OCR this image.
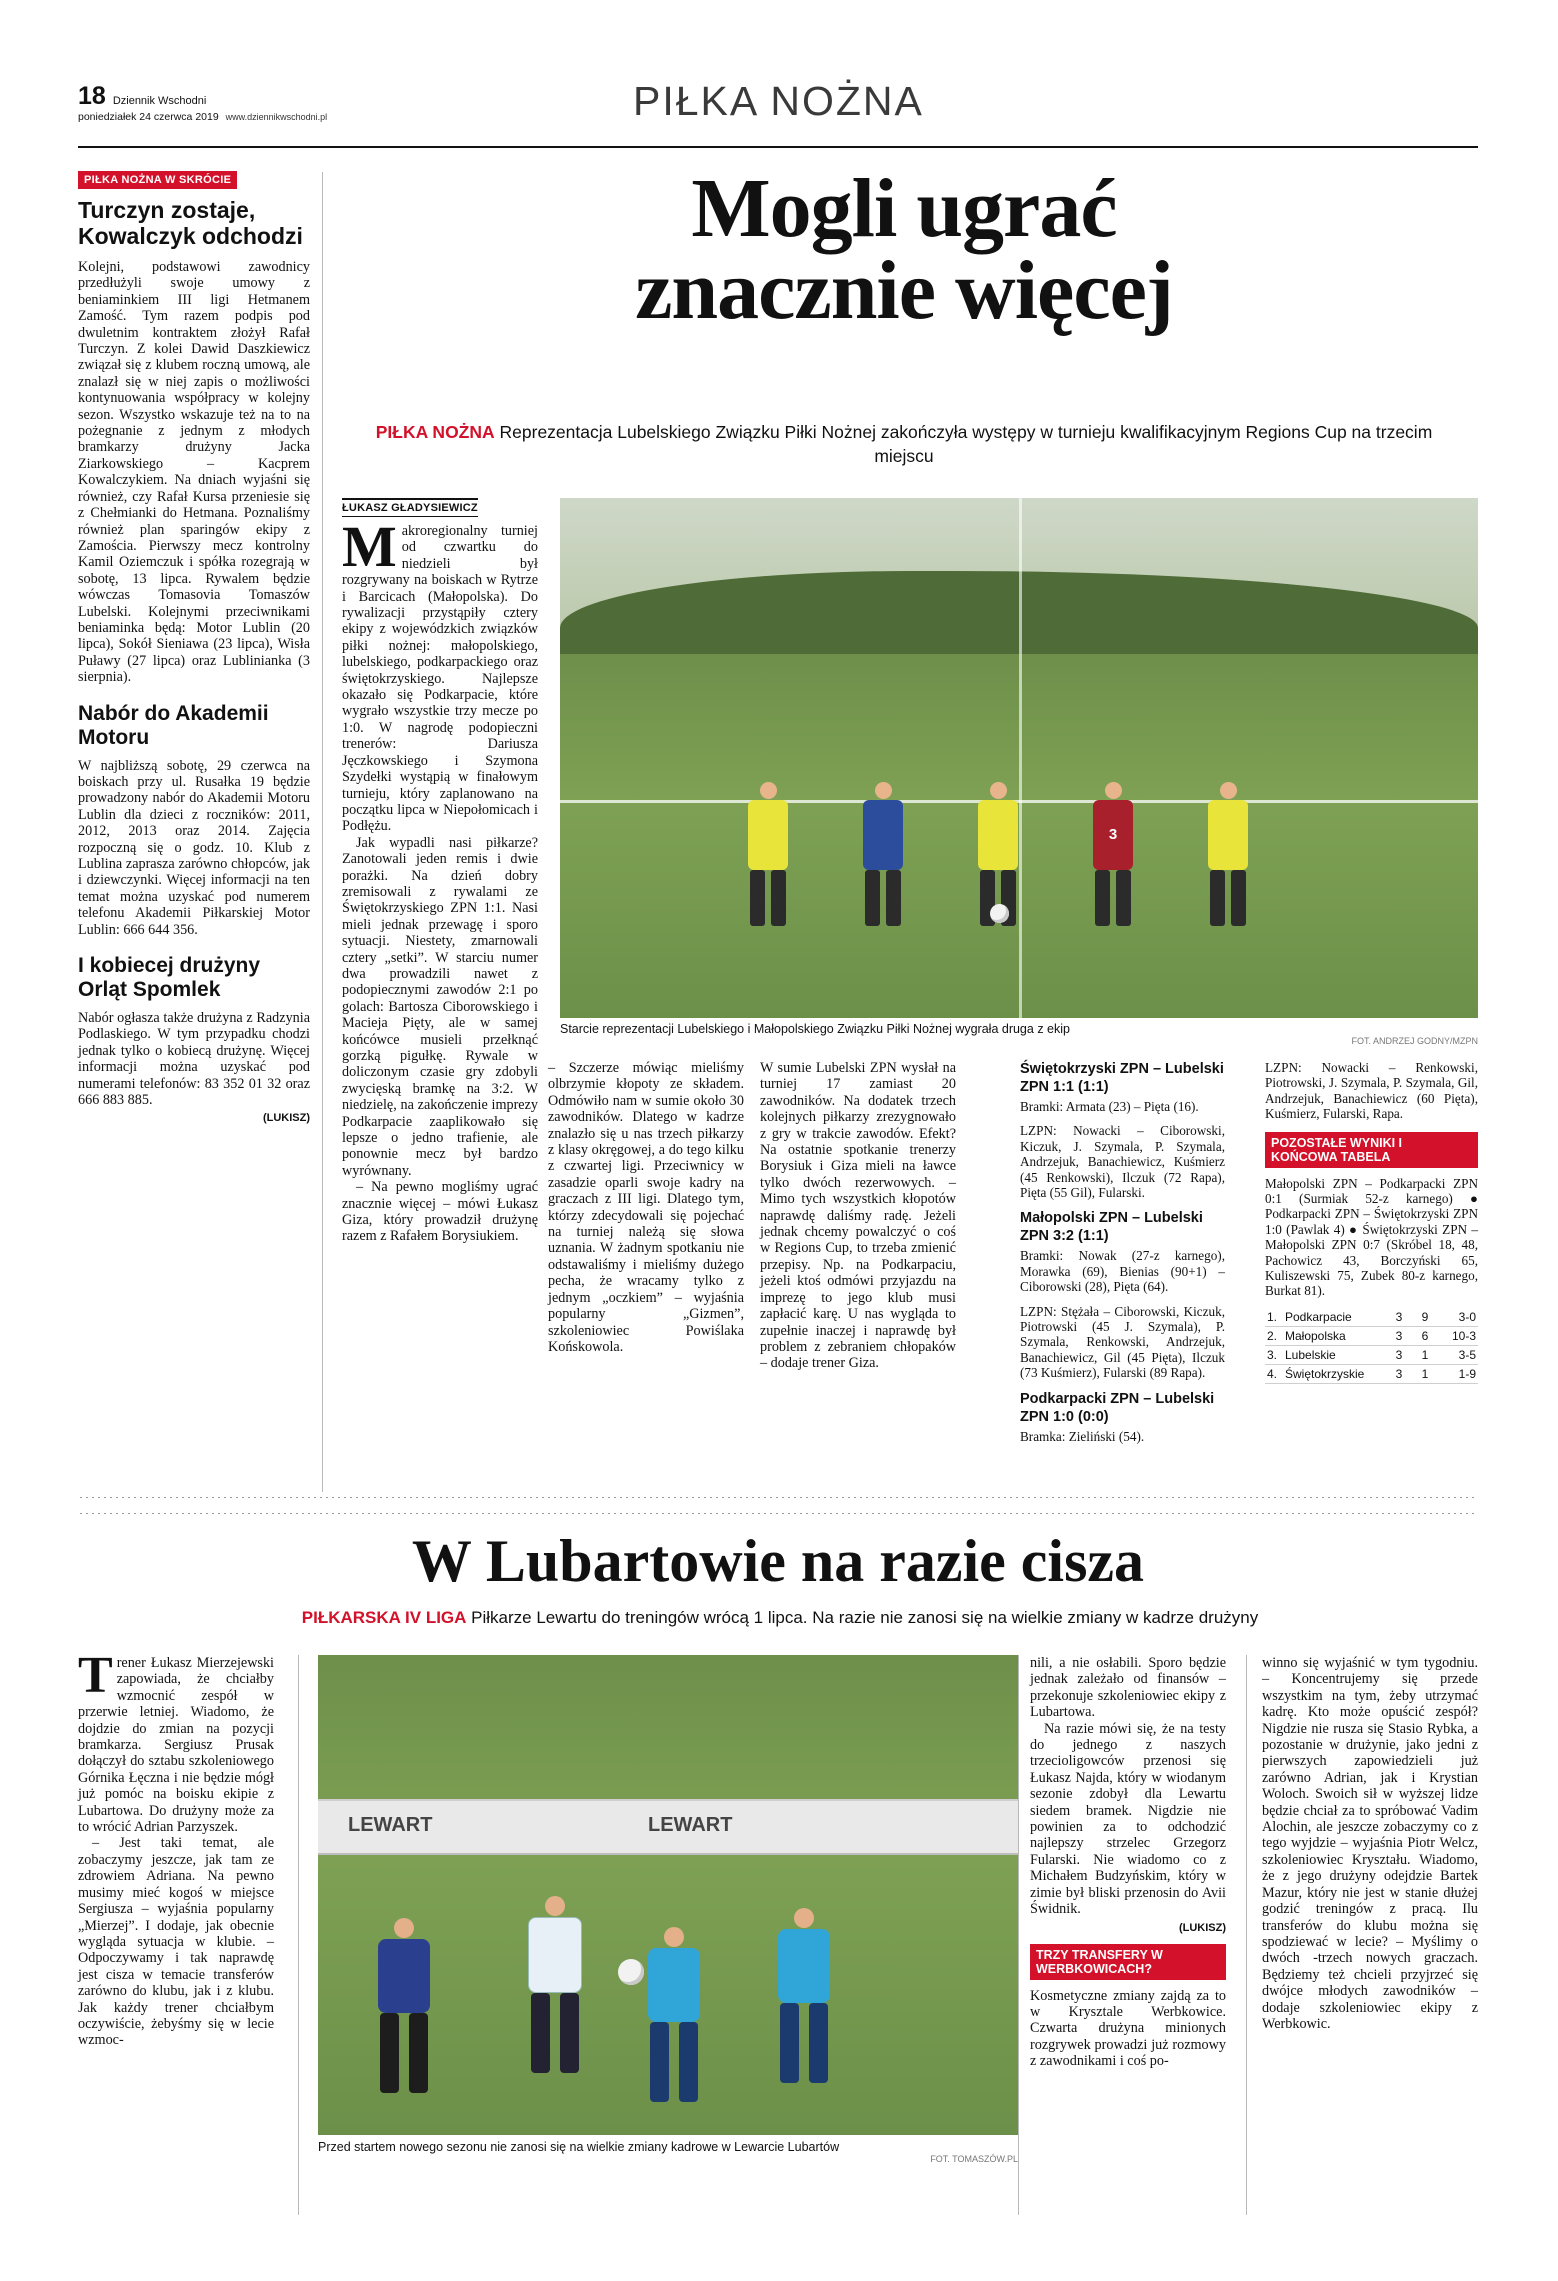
18 Dziennik Wschodni
poniedziałek 24 czerwca 2019 www.dziennikwschodni.pl	PIŁKA NOŻNA
PIŁKA NOŻNA W SKRÓCIE
Turczyn zostaje, Kowalczyk odchodzi
Kolejni, podstawowi zawodnicy przedłużyli swoje umowy z beniaminkiem III ligi Hetmanem Zamość. Tym razem podpis pod dwuletnim kontraktem złożył Rafał Turczyn. Z kolei Dawid Daszkiewicz związał się z klubem roczną umową, ale znalazł się w niej zapis o możliwości kontynuowania współpracy w kolejny sezon. Wszystko wskazuje też na to na pożegnanie z jednym z młodych bramkarzy drużyny Jacka Ziarkowskiego – Kacprem Kowalczykiem. Na dniach wyjaśni się również, czy Rafał Kursa przeniesie się z Chełmianki do Hetmana. Poznaliśmy również plan sparingów ekipy z Zamościa. Pierwszy mecz kontrolny Kamil Oziemczuk i spółka rozegrają w sobotę, 13 lipca. Rywalem będzie wówczas Tomasovia Tomaszów Lubelski. Kolejnymi przeciwnikami beniaminka będą: Motor Lublin (20 lipca), Sokół Sieniawa (23 lipca), Wisła Puławy (27 lipca) oraz Lublinianka (3 sierpnia).
Nabór do Akademii Motoru
W najbliższą sobotę, 29 czerwca na boiskach przy ul. Rusałka 19 będzie prowadzony nabór do Akademii Motoru Lublin dla dzieci z roczników: 2011, 2012, 2013 oraz 2014. Zajęcia rozpoczną się o godz. 10. Klub z Lublina zaprasza zarówno chłopców, jak i dziewczynki. Więcej informacji na ten temat można uzyskać pod numerem telefonu Akademii Piłkarskiej Motor Lublin: 666 644 356.
I kobiecej drużyny Orląt Spomlek
Nabór ogłasza także drużyna z Radzynia Podlaskiego. W tym przypadku chodzi jednak tylko o kobiecą drużynę. Więcej informacji można uzyskać pod numerami telefonów: 83 352 01 32 oraz 666 883 885.
(LUKISZ)
Mogli ugrać
znacznie więcej
PIŁKA NOŻNA Reprezentacja Lubelskiego Związku Piłki Nożnej zakończyła występy w turnieju kwalifikacyjnym Regions Cup na trzecim miejscu
3
Starcie reprezentacji Lubelskiego i Małopolskiego Związku Piłki Nożnej wygrała druga z ekip
FOT. ANDRZEJ GODNY/MZPN
ŁUKASZ GŁADYSIEWICZ
Makroregionalny turniej od czwartku do niedzieli był rozgrywany na boiskach w Rytrze i Barcicach (Małopolska). Do rywalizacji przystąpiły cztery ekipy z wojewódzkich związków piłki nożnej: małopolskiego, lubelskiego, podkarpackiego oraz świętokrzyskiego. Najlepsze okazało się Podkarpacie, które wygrało wszystkie trzy mecze po 1:0. W nagrodę podopieczni trenerów: Dariusza Jęczkowskiego i Szymona Szydełki wystąpią w finałowym turnieju, który zaplanowano na początku lipca w Niepołomicach i Podłężu.
Jak wypadli nasi piłkarze? Zanotowali jeden remis i dwie porażki. Na dzień dobry zremisowali z rywalami ze Świętokrzyskiego ZPN 1:1. Nasi mieli jednak przewagę i sporo sytuacji. Niestety, zmarnowali cztery „setki”. W starciu numer dwa prowadzili nawet z podopiecznymi zawodów 2:1 po golach: Bartosza Ciborowskiego i Macieja Pięty, ale w samej końcówce musieli przełknąć gorzką pigułkę. Rywale w doliczonym czasie gry zdobyli zwycięską bramkę na 3:2. W niedzielę, na zakończenie imprezy Podkarpacie zaaplikowało się lepsze o jedno trafienie, ale ponownie mecz był bardzo wyrównany.
– Na pewno mogliśmy ugrać znacznie więcej – mówi Łukasz Giza, który prowadził drużynę razem z Rafałem Borysiukiem.
– Szczerze mówiąc mieliśmy olbrzymie kłopoty ze składem. Odmówiło nam w sumie około 30 zawodników. Dlatego w kadrze znalazło się u nas trzech piłkarzy z klasy okręgowej, a do tego kilku z czwartej ligi. Przeciwnicy w zasadzie oparli swoje kadry na graczach z III ligi. Dlatego tym, którzy zdecydowali się pojechać na turniej należą się słowa uznania. W żadnym spotkaniu nie odstawaliśmy i mieliśmy dużego pecha, że wracamy tylko z jednym „oczkiem” – wyjaśnia popularny „Gizmen”, szkoleniowiec Powiślaka Końskowola.
W sumie Lubelski ZPN wysłał na turniej 17 zamiast 20 zawodników. Na dodatek trzech kolejnych piłkarzy zrezygnowało z gry w trakcie zawodów. Efekt? Na ostatnie spotkanie trenerzy Borysiuk i Giza mieli na ławce tylko dwóch rezerwowych. – Mimo tych wszystkich kłopotów naprawdę daliśmy radę. Jeżeli jednak chcemy powalczyć o coś w Regions Cup, to trzeba zmienić przepisy. Np. na Podkarpaciu, jeżeli ktoś odmówi przyjazdu na imprezę to jego klub musi zapłacić karę. U nas wygląda to zupełnie inaczej i naprawdę był problem z zebraniem chłopaków – dodaje trener Giza.
Świętokrzyski ZPN – Lubelski ZPN 1:1 (1:1)
Bramki: Armata (23) – Pięta (16).
LZPN: Nowacki – Ciborowski, Kiczuk, J. Szymala, P. Szymala, Andrzejuk, Banachiewicz, Kuśmierz (45 Renkowski), Ilczuk (72 Rapa), Pięta (55 Gil), Fularski.
Małopolski ZPN – Lubelski ZPN 3:2 (1:1)
Bramki: Nowak (27-z karnego), Morawka (69), Bienias (90+1) – Ciborowski (28), Pięta (64).
LZPN: Stężała – Ciborowski, Kiczuk, Piotrowski (45 J. Szymala), P. Szymala, Renkowski, Andrzejuk, Banachiewicz, Gil (45 Pięta), Ilczuk (73 Kuśmierz), Fularski (89 Rapa).
Podkarpacki ZPN – Lubelski ZPN 1:0 (0:0)
Bramka: Zieliński (54).
LZPN: Nowacki – Renkowski, Piotrowski, J. Szymala, P. Szymala, Gil, Andrzejuk, Banachiewicz (60 Pięta), Kuśmierz, Fularski, Rapa.
POZOSTAŁE WYNIKI I KOŃCOWA TABELA
Małopolski ZPN – Podkarpacki ZPN 0:1 (Surmiak 52-z karnego) ● Podkarpacki ZPN – Świętokrzyski ZPN 1:0 (Pawlak 4) ● Świętokrzyski ZPN – Małopolski ZPN 0:7 (Skróbel 18, 48, Pachowicz 43, Borczyński 65, Kuliszewski 75, Zubek 80-z karnego, Burkat 81).
1.	Podkarpacie	3	9	3-0
2.	Małopolska	3	6	10-3
3.	Lubelskie	3	1	3-5
4.	Świętokrzyskie	3	1	1-9
W Lubartowie na razie cisza
PIŁKARSKA IV LIGA Piłkarze Lewartu do treningów wrócą 1 lipca. Na razie nie zanosi się na wielkie zmiany w kadrze drużyny
Trener Łukasz Mierzejewski zapowiada, że chciałby wzmocnić zespół w przerwie letniej. Wiadomo, że dojdzie do zmian na pozycji bramkarza. Sergiusz Prusak dołączył do sztabu szkoleniowego Górnika Łęczna i nie będzie mógł już pomóc na boisku ekipie z Lubartowa. Do drużyny może za to wrócić Adrian Parzyszek.
– Jest taki temat, ale zobaczymy jeszcze, jak tam ze zdrowiem Adriana. Na pewno musimy mieć kogoś w miejsce Sergiusza – wyjaśnia popularny „Mierzej”. I dodaje, jak obecnie wygląda sytuacja w klubie. – Odpoczywamy i tak naprawdę jest cisza w temacie transferów zarówno do klubu, jak i z klubu. Jak każdy trener chciałbym oczywiście, żebyśmy się w lecie wzmoc-
LEWART	LEWART
Przed startem nowego sezonu nie zanosi się na wielkie zmiany kadrowe w Lewarcie Lubartów
FOT. TOMASZÓW.PL
nili, a nie osłabili. Sporo będzie jednak zależało od finansów – przekonuje szkoleniowiec ekipy z Lubartowa.
Na razie mówi się, że na testy do jednego z naszych trzecioligowców przenosi się Łukasz Najda, który w wiodanym sezonie zdobył dla Lewartu siedem bramek. Nigdzie nie powinien za to odchodzić najlepszy strzelec Grzegorz Fularski. Nie wiadomo co z Michałem Budzyńskim, który w zimie był bliski przenosin do Avii Świdnik.
(LUKISZ)
TRZY TRANSFERY W WERBKOWICACH?
Kosmetyczne zmiany zajdą za to w Krysztale Werbkowice. Czwarta drużyna minionych rozgrywek prowadzi już rozmowy z zawodnikami i coś po-
winno się wyjaśnić w tym tygodniu. – Koncentrujemy się przede wszystkim na tym, żeby utrzymać kadrę. Kto może opuścić zespół? Nigdzie nie rusza się Stasio Rybka, a pozostanie w drużynie, jako jedni z pierwszych zapowiedzieli już zarówno Adrian, jak i Krystian Woloch. Swoich sił w wyższej lidze będzie chciał za to spróbować Vadim Alochin, ale jeszcze zobaczymy co z tego wyjdzie – wyjaśnia Piotr Welcz, szkoleniowiec Kryształu. Wiadomo, że z jego drużyny odejdzie Bartek Mazur, który nie jest w stanie dłużej godzić treningów z pracą. Ilu transferów do klubu można się spodziewać w lecie? – Myślimy o dwóch -trzech nowych graczach. Będziemy też chcieli przyjrzeć się dwójce młodych zawodników – dodaje szkoleniowiec ekipy z Werbkowic.
